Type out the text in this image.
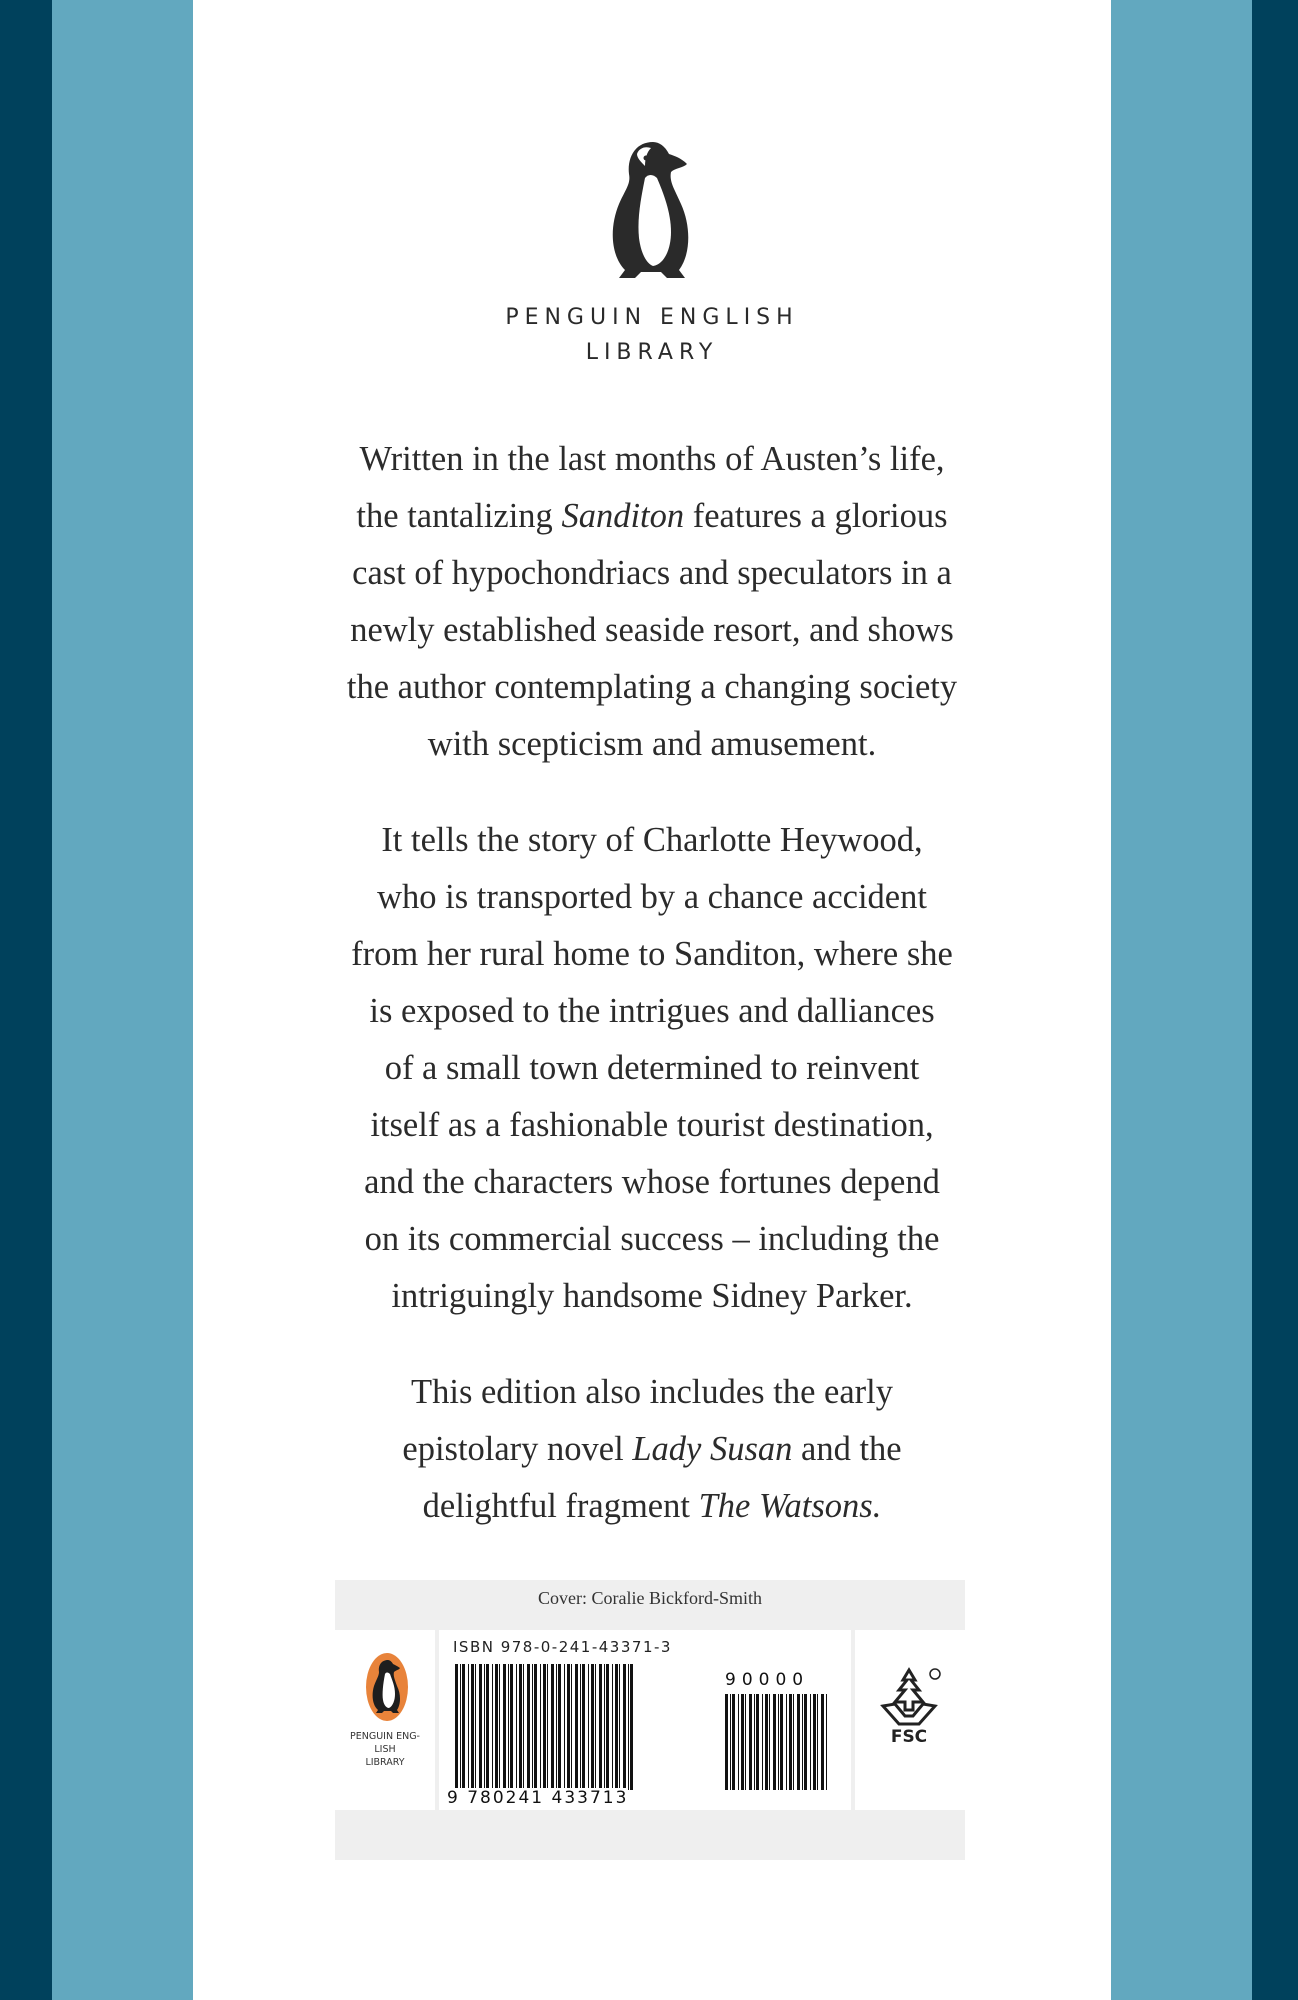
PENGUIN ENGLISH
LIBRARY
Written in the last months of Austen’s life,
the tantalizing Sanditon features a glorious
cast of hypochondriacs and speculators in a
newly established seaside resort, and shows
the author contemplating a changing society
with scepticism and amusement.
It tells the story of Charlotte Heywood,
who is transported by a chance accident
from her rural home to Sanditon, where she
is exposed to the intrigues and dalliances
of a small town determined to reinvent
itself as a fashionable tourist destination,
and the characters whose fortunes depend
on its commercial success – including the
intriguingly handsome Sidney Parker.
This edition also includes the early
epistolary novel Lady Susan and the
delightful fragment The Watsons.
Cover: Coralie Bickford-Smith
PENGUIN ENG-
LISH
LIBRARY
ISBN 978-0-241-43371-3
90000
9 780241 433713
FSC
